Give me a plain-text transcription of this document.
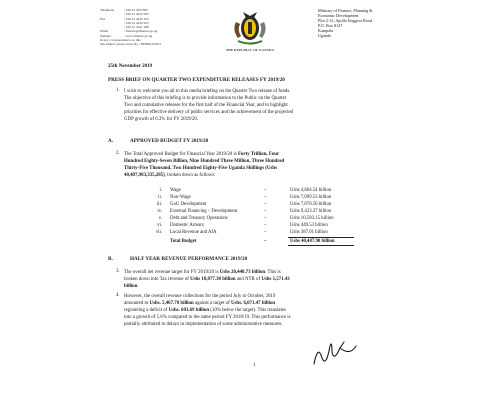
Telephone	: 256 41 4707000
: 256 41 4232 095
Fax	: 256 41 4230 163
: 256 41 4343 023
: 256 41 4341 286
Email	: finance@finance.go.ug
Website	: www.finance.go.ug
In any correspondence on this
this subject please quote No.: BPD86/150/01
THE REPUBLIC OF UGANDA
Ministry of Finance, Planning &
Economic Development
Plot 2-12, Apollo Kaggwa Road
P.O. Box 8147
Kampala
Uganda
25th November 2019
PRESS BRIEF ON QUARTER TWO EXPENDITURE RELEASES FY 2019/20
1. I wish to welcome you all to this media briefing on the Quarter Two release of funds.
The objective of this briefing is to provide information to the Public on the Quarter
Two and cumulative releases for the first half of the Financial Year, and to highlight
priorities for effective delivery of public services and the achievement of the projected
GDP growth of 6.3% for FY 2019/20.
A.	APPROVED BUDGET FY 2019/20
2. The Total Approved Budget for Financial Year 2019/20 is Forty Trillion, Four
Hundred Eighty-Seven Billion, Nine Hundred Three Million, Three Hundred
Thirty-Five Thousand, Two Hundred Eighty-Five Uganda Shillings (Ushs
40,487,903,335,285), broken down as follows:
i. Wage	–	Ushs 4,664.54 billion
ii. Non-Wage	–	Ushs 7,099.53 billion
iii. GoU Development	–	Ushs 7,870.56 billion
iv. External Financing – Development	–	Ushs 9,433.37 billion
v. Debt and Treasury Operations	–	Ushs 10,583.15 billion
vi. Domestic Arrears	–	Ushs 449.53 billion
vii. Local Revenue and AIA	–	Ushs 387.01 billion
Total Budget	–	Ushs 40,487.90 billion
B.	HALF YEAR REVENUE PERFORMANCE 2019/20
3. The overall net revenue target for FY 2019/20 is Ushs 20,448.73 billion. This is
broken down into Tax revenue of Ushs 18,877.30 billion and NTR of Ushs 1,571.43
billion.
4. However, the overall revenue collections for the period July to October, 2019
amounted to Ushs. 5,467.78 billion against a target of Ushs. 6,071.47 billion
registering a deficit of Ushs. 603.69 billion (10% below the target). This translates
into a growth of 5.6% compared to the same period FY 2018/19. This performance is
partially attributed to delays in implementation of some administrative measures.
1
